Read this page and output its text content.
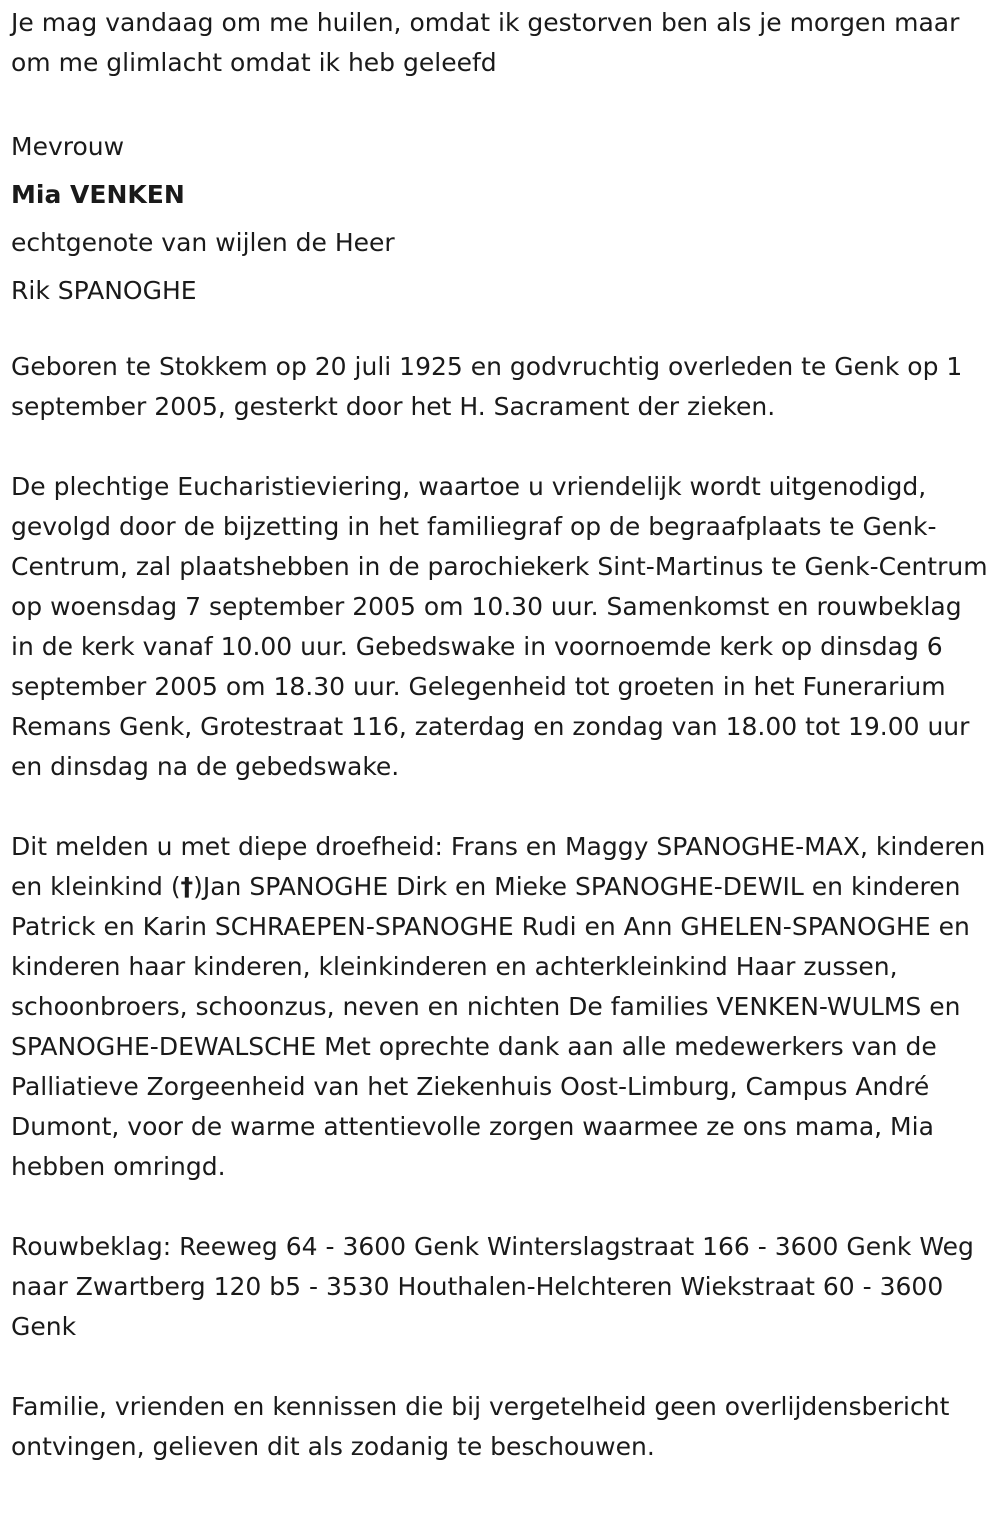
Je mag vandaag om me huilen, omdat ik gestorven ben als je morgen maar om me glimlacht omdat ik heb geleefd

Mevrouw
Mia VENKEN
echtgenote van wijlen de Heer
Rik SPANOGHE

Geboren te Stokkem op 20 juli 1925 en godvruchtig overleden te Genk op 1 september 2005, gesterkt door het H. Sacrament der zieken.

De plechtige Eucharistieviering, waartoe u vriendelijk wordt uitgenodigd, gevolgd door de bijzetting in het familiegraf op de begraafplaats te Genk-Centrum, zal plaatshebben in de parochiekerk Sint-Martinus te Genk-Centrum op woensdag 7 september 2005 om 10.30 uur. Samenkomst en rouwbeklag in de kerk vanaf 10.00 uur. Gebedswake in voornoemde kerk op dinsdag 6 september 2005 om 18.30 uur. Gelegenheid tot groeten in het Funerarium Remans Genk, Grotestraat 116, zaterdag en zondag van 18.00 tot 19.00 uur en dinsdag na de gebedswake.

Dit melden u met diepe droefheid: Frans en Maggy SPANOGHE-MAX, kinderen en kleinkind (†)Jan SPANOGHE Dirk en Mieke SPANOGHE-DEWIL en kinderen Patrick en Karin SCHRAEPEN-SPANOGHE Rudi en Ann GHELEN-SPANOGHE en kinderen haar kinderen, kleinkinderen en achterkleinkind Haar zussen, schoonbroers, schoonzus, neven en nichten De families VENKEN-WULMS en SPANOGHE-DEWALSCHE Met oprechte dank aan alle medewerkers van de Palliatieve Zorgeenheid van het Ziekenhuis Oost-Limburg, Campus André Dumont, voor de warme attentievolle zorgen waarmee ze ons mama, Mia hebben omringd.

Rouwbeklag: Reeweg 64 - 3600 Genk Winterslagstraat 166 - 3600 Genk Weg naar Zwartberg 120 b5 - 3530 Houthalen-Helchteren Wiekstraat 60 - 3600 Genk

Familie, vrienden en kennissen die bij vergetelheid geen overlijdensbericht ontvingen, gelieven dit als zodanig te beschouwen.
